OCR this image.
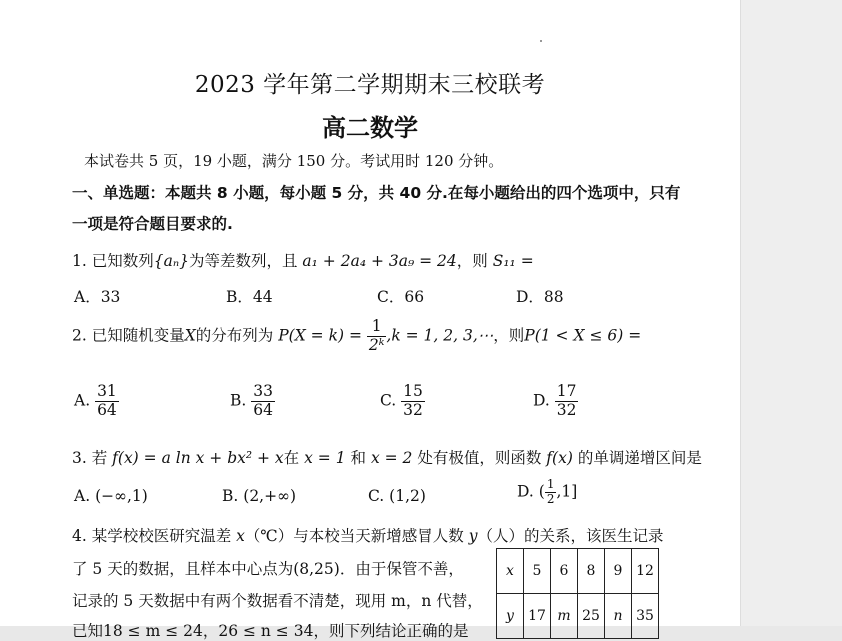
2023 学年第二学期期末三校联考
高二数学
本试卷共 5 页，19 小题，满分 150 分。考试用时 120 分钟。
一、单选题：本题共 8 小题，每小题 5 分，共 40 分.在每小题给出的四个选项中，只有
一项是符合题目要求的.
1. 已知数列{aₙ}为等差数列，且 a₁ + 2a₄ + 3a₉ = 24，则 S₁₁ =
A．33	B．44	C．66	D．88
2. 已知随机变量X的分布列为 $P(X = k) = \frac{1}{\text{2ᵏ}} ,k = 1$, 2, 3,⋯，则P(1 < X ≤ 6) =
A. $\frac{31}{64}$	B. $\frac{33}{64}$	C. $\frac{15}{32}$	D. $\frac{17}{32}$
3. 若 f(x) = a ln x + bx² + x在 x = 1 和 x = 2 处有极值，则函数 f(x) 的单调递增区间是
A. (−∞,1)	B. (2,+∞)	C. (1,2)	D. ( $\frac{1}{2} ,1$]
4. 某学校校医研究温差 x（℃）与本校当天新增感冒人数 y（人）的关系，该医生记录
了 5 天的数据，且样本中心点为(8,25)．由于保管不善，
记录的 5 天数据中有两个数据看不清楚，现用 m，n 代替，
已知18 ≤ m ≤ 24，26 ≤ n ≤ 34，则下列结论正确的是
x	5	6	8	9	12
y	17	m	25	n	35
